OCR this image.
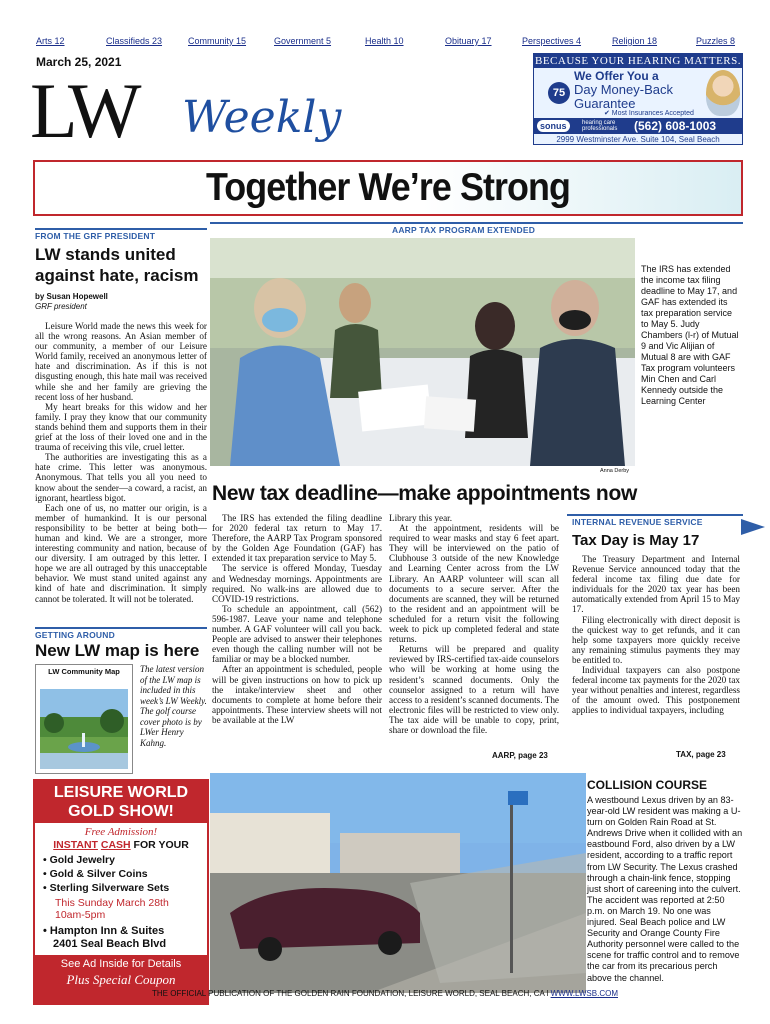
Arts 12	Classifieds 23	Community 15	Government 5	Health 10	Obituary 17	Perspectives 4	Religion 18	Puzzles 8
March 25, 2021
LW Weekly
BECAUSE YOUR HEARING MATTERS.
75
We Offer You a
Day Money-Back
Guarantee
✔ Most Insurances Accepted
sonus	hearing care professionals	(562) 608-1003
2999 Westminster Ave. Suite 104, Seal Beach
Together We’re Strong
FROM THE GRF PRESIDENT
LW stands united against hate, racism
by Susan Hopewell
GRF president

Leisure World made the news this week for all the wrong reasons. An Asian member of our community, a member of our Leisure World family, received an anonymous letter of hate and discrimination. As if this is not disgusting enough, this hate mail was received while she and her family are grieving the recent loss of her husband.

My heart breaks for this widow and her family. I pray they know that our community stands behind them and supports them in their grief at the loss of their loved one and in the trauma of receiving this vile, cruel letter.

The authorities are investigating this as a hate crime. This letter was anonymous. Anonymous. That tells you all you need to know about the sender—a coward, a racist, an ignorant, heartless bigot.

Each one of us, no matter our origin, is a member of humankind. It is our personal responsibility to be better at being both—human and kind. We are a stronger, more interesting community and nation, because of our diversity. I am outraged by this letter. I hope we are all outraged by this unacceptable behavior. We must stand united against any kind of hate and discrimination. It simply cannot be tolerated. It will not be tolerated.

GETTING AROUND
New LW map is here
LW Community Map	The latest version of the LW map is included in this week’s LW Weekly. The golf course cover photo is by LWer Henry Kahng.
LEISURE WORLD
GOLD SHOW!
Free Admission!
INSTANT CASH FOR YOUR
• Gold Jewelry
• Gold & Silver Coins
• Sterling Silverware Sets
This Sunday March 28th
10am-5pm
• Hampton Inn & Suites
2401 Seal Beach Blvd
See Ad Inside for Details
Plus Special Coupon
AARP TAX PROGRAM EXTENDED
Anna Derby
The IRS has extended the income tax filing deadline to May 17, and GAF has extended its tax preparation service to May 5. Judy Chambers (l-r) of Mutual 9 and Vic Alijian of Mutual 8 are with GAF Tax program volunteers Min Chen and Carl Kennedy outside the Learning Center
New tax deadline—make appointments now

The IRS has extended the filing deadline for 2020 federal tax return to May 17. Therefore, the AARP Tax Program sponsored by the Golden Age Foundation (GAF) has extended it tax preparation service to May 5.

The service is offered Monday, Tuesday and Wednesday mornings. Appointments are required. No walk-ins are allowed due to COVID-19 restrictions.

To schedule an appointment, call (562) 596-1987. Leave your name and telephone number. A GAF volunteer will call you back. People are advised to answer their telephones even though the calling number will not be familiar or may be a blocked number.

After an appointment is scheduled, people will be given instructions on how to pick up the intake/interview sheet and other documents to complete at home before their appointments. These interview sheets will not be available at the LW

Library this year.

At the appointment, residents will be required to wear masks and stay 6 feet apart. They will be interviewed on the patio of Clubhouse 3 outside of the new Knowledge and Learning Center across from the LW Library. An AARP volunteer will scan all documents to a secure server. After the documents are scanned, they will be returned to the resident and an appointment will be scheduled for a return visit the following week to pick up completed federal and state returns.

Returns will be prepared and quality reviewed by IRS-certified tax-aide counselors who will be working at home using the resident’s scanned documents. Only the counselor assigned to a return will have access to a resident’s scanned documents. The electronic files will be restricted to view only. The tax aide will be unable to copy, print, share or download the file.

AARP, page 23
INTERNAL REVENUE SERVICE
Tax Day is May 17

The Treasury Department and Internal Revenue Service announced today that the federal income tax filing due date for individuals for the 2020 tax year has been automatically extended from April 15 to May 17.

Filing electronically with direct deposit is the quickest way to get refunds, and it can help some taxpayers more quickly receive any remaining stimulus payments they may be entitled to.

Individual taxpayers can also postpone federal income tax payments for the 2020 tax year without penalties and interest, regardless of the amount owed. This postponement applies to individual taxpayers, including

TAX, page 23
COLLISION COURSE
A westbound Lexus driven by an 83-year-old LW resident was making a U-turn on Golden Rain Road at St. Andrews Drive when it collided with an eastbound Ford, also driven by a LW resident, according to a traffic report from LW Security. The Lexus crashed through a chain-link fence, stopping just short of careening into the culvert. The accident was reported at 2:50 p.m. on March 19. No one was injured. Seal Beach police and LW Security and Orange County Fire Authority personnel were called to the scene for traffic control and to remove the car from its precarious perch above the channel.
THE OFFICIAL PUBLICATION OF THE GOLDEN RAIN FOUNDATION, LEISURE WORLD, SEAL BEACH, CA l WWW.LWSB.COM
